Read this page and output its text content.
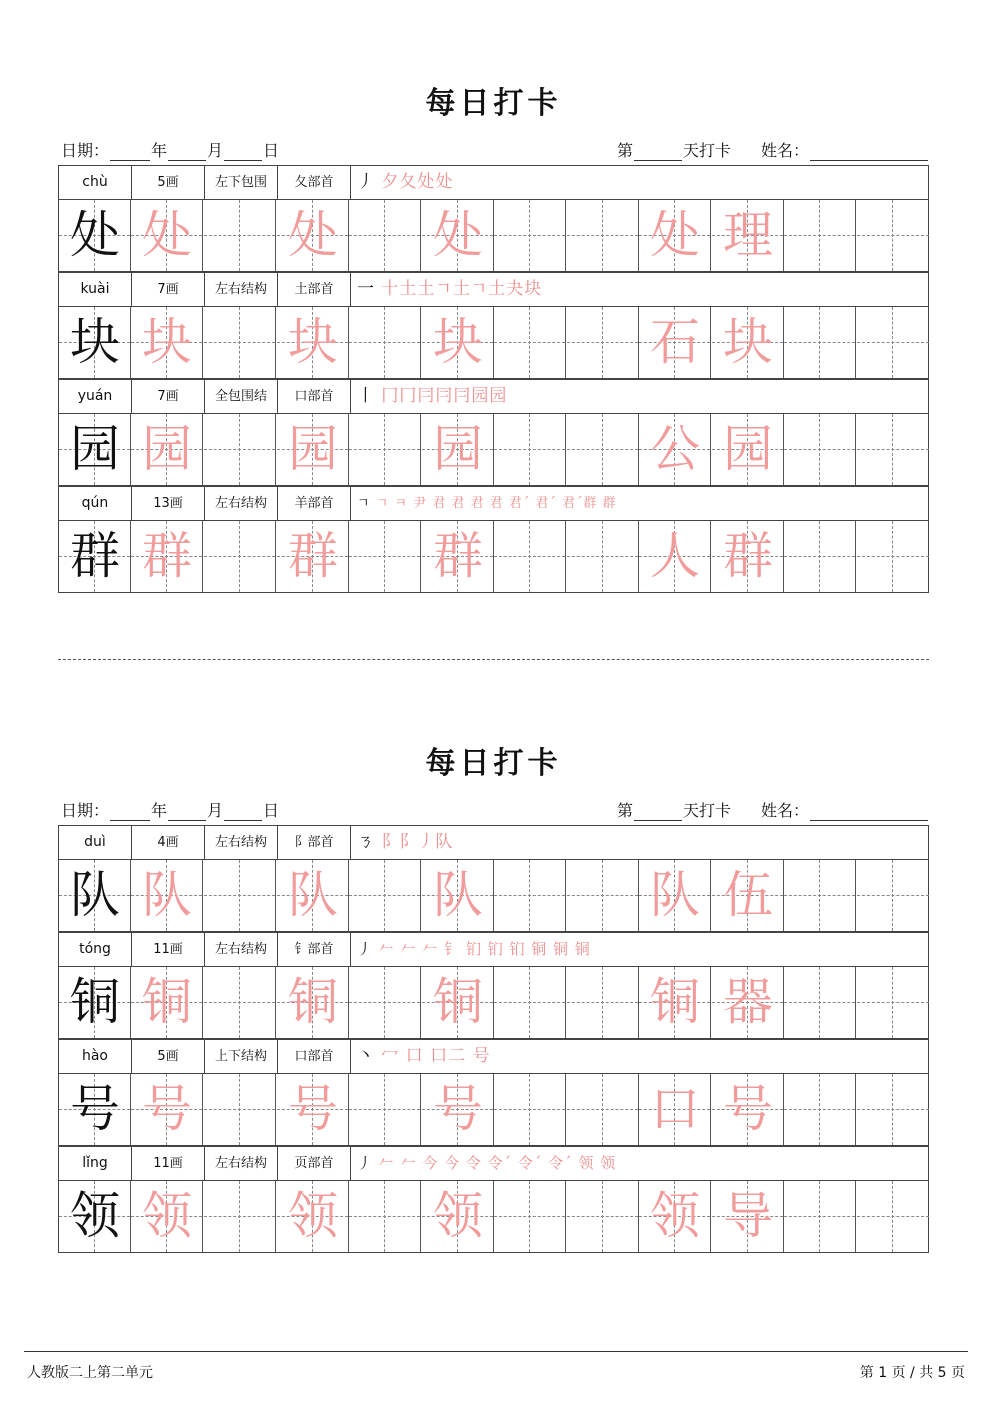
每日打卡
日期：	年	月	日	第	天打卡 姓名：
chù	5画	左下包围	夂部首	丿 夕夂处处
处 处 处 处	处 理
kuài	7画	左右结构	土部首	一 十土土ㄱ土ㄱ土夬块
块 块 块 块	石 块
yuán	7画	全包围结	口部首	丨 冂冂冃冃冃园园
园 园 园 园	公 园
qún	13画	左右结构	羊部首	ㄱ ㄱ ㅋ 尹 君 君 君 君 君ˊ 君ˊ 君ˊ群 群
群 群 群 群	人 群
每日打卡
日期：	年	月	日	第	天打卡 姓名：
duì	4画	左右结构	阝部首	ㄋ 阝阝丿队
队 队 队 队	队 伍
tóng	11画	左右结构	钅部首	丿 𠂉 𠂉 𠂉 钅 钔 钔 钔 铜 铜 铜
铜 铜 铜 铜	铜 器
hào	5画	上下结构	口部首	丶 冖 口 口二 号
号 号 号 号	口 号
lǐng	11画	左右结构	页部首	丿 𠂉 𠂉 今 今 令 令ˊ 令ˊ 令ˊ 领 领
领 领 领 领	领 导
人教版二上第二单元	第 1 页 / 共 5 页
